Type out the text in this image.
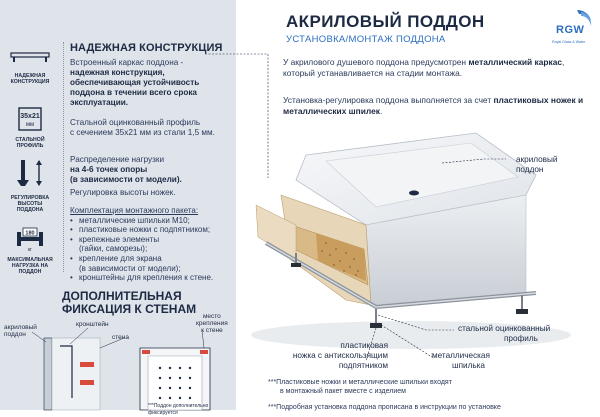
НАДЕЖНАЯ КОНСТРУКЦИЯ
НАДЕЖНАЯ КОНСТРУКЦИЯ
Встроенный каркас поддона -
надежная конструкция,
обеспечивающая устойчивость
поддона в течении всего срока
эксплуатации.
35x21
мм
СТАЛЬНОЙ ПРОФИЛЬ
Стальной оцинкованный профиль
с сечением 35х21 мм из стали 1,5 мм.
РЕГУЛИРОВКА ВЫСОТЫ ПОДДОНА
Распределение нагрузки
на 4-6 точек опоры
(в зависимости от модели).
Регулировка высоты ножек.
180
кг
МАКСИМАЛЬНАЯ НАГРУЗКА НА ПОДДОН
Комплектация монтажного пакета:
• металлические шпильки М10;
• пластиковые ножки с подпятником;
• крепежные элементы
(гайки, саморезы);
• крепление для экрана
(в зависимости от модели);
• кронштейны для крепления к стене.
ДОПОЛНИТЕЛЬНАЯ
ФИКСАЦИЯ К СТЕНАМ
акриловый
поддон
кронштейн
стена
место
крепления
к стене
***Поддон дополнительно фиксируется
АКРИЛОВЫЙ ПОДДОН
УСТАНОВКА/МОНТАЖ ПОДДОНА
RGW
Royal Glass & Water
У акрилового душевого поддона предусмотрен металлический каркас, который устанавливается на стадии монтажа.
Установка-регулировка поддона выполняется за счет пластиковых ножек и металлических шпилек.
акриловый
поддон
стальной оцинкованный
профиль
пластиковая
ножка с антискользящим
подпятником
металлическая
шпилька
***Пластиковые ножки и металлические шпильки входят
в монтажный пакет вместе с изделием
***Подробная установка поддона прописана в инструкции по установке
